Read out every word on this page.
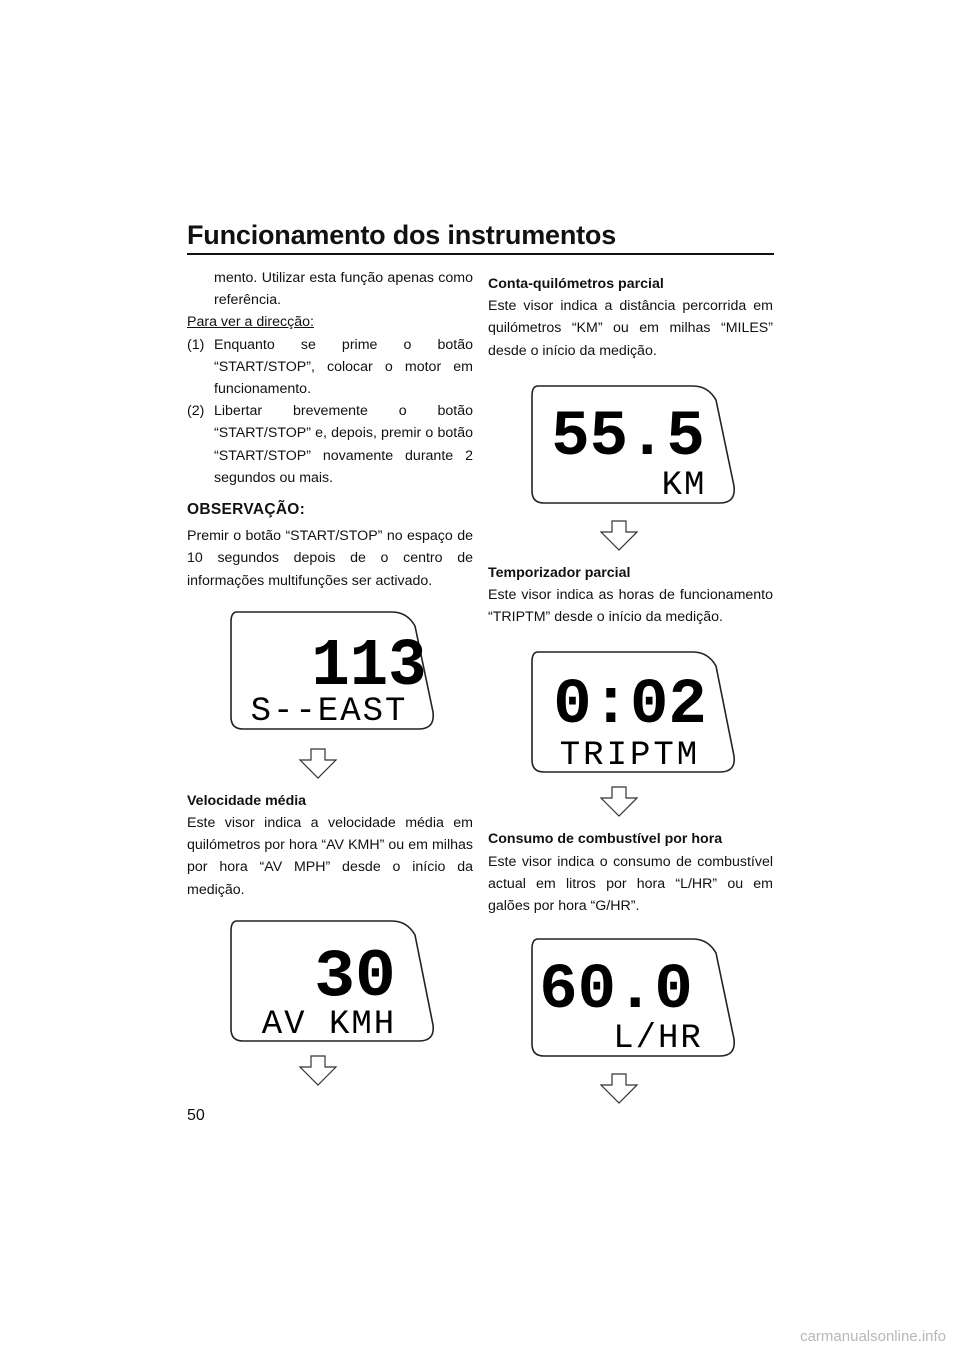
Funcionamento dos instrumentos

mento. Utilizar esta função apenas como referência.

Para ver a direcção:

(1) Enquanto se prime o botão “START/STOP”, colocar o motor em funcionamento.
(2) Libertar brevemente o botão “START/STOP” e, depois, premir o botão “START/STOP” novamente durante 2 segundos ou mais.
OBSERVAÇÃO:

Premir o botão “START/STOP” no espaço de 10 segundos depois de o centro de informações multifunções ser activado.

113
S--EAST

Velocidade média

Este visor indica a velocidade média em quilómetros por hora “AV KMH” ou em milhas por hora “AV MPH” desde o início da medição.

30
AV KMH

Conta-quilómetros parcial

Este visor indica a distância percorrida em quilómetros “KM” ou em milhas “MILES” desde o início da medição.

55.5
KM

Temporizador parcial

Este visor indica as horas de funcionamento “TRIPTM” desde o início da medição.

0:02
TRIPTM

Consumo de combustível por hora

Este visor indica o consumo de combustível actual em litros por hora “L/HR” ou em galões por hora “G/HR”.

60.0
L/HR
50
carmanualsonline.info
